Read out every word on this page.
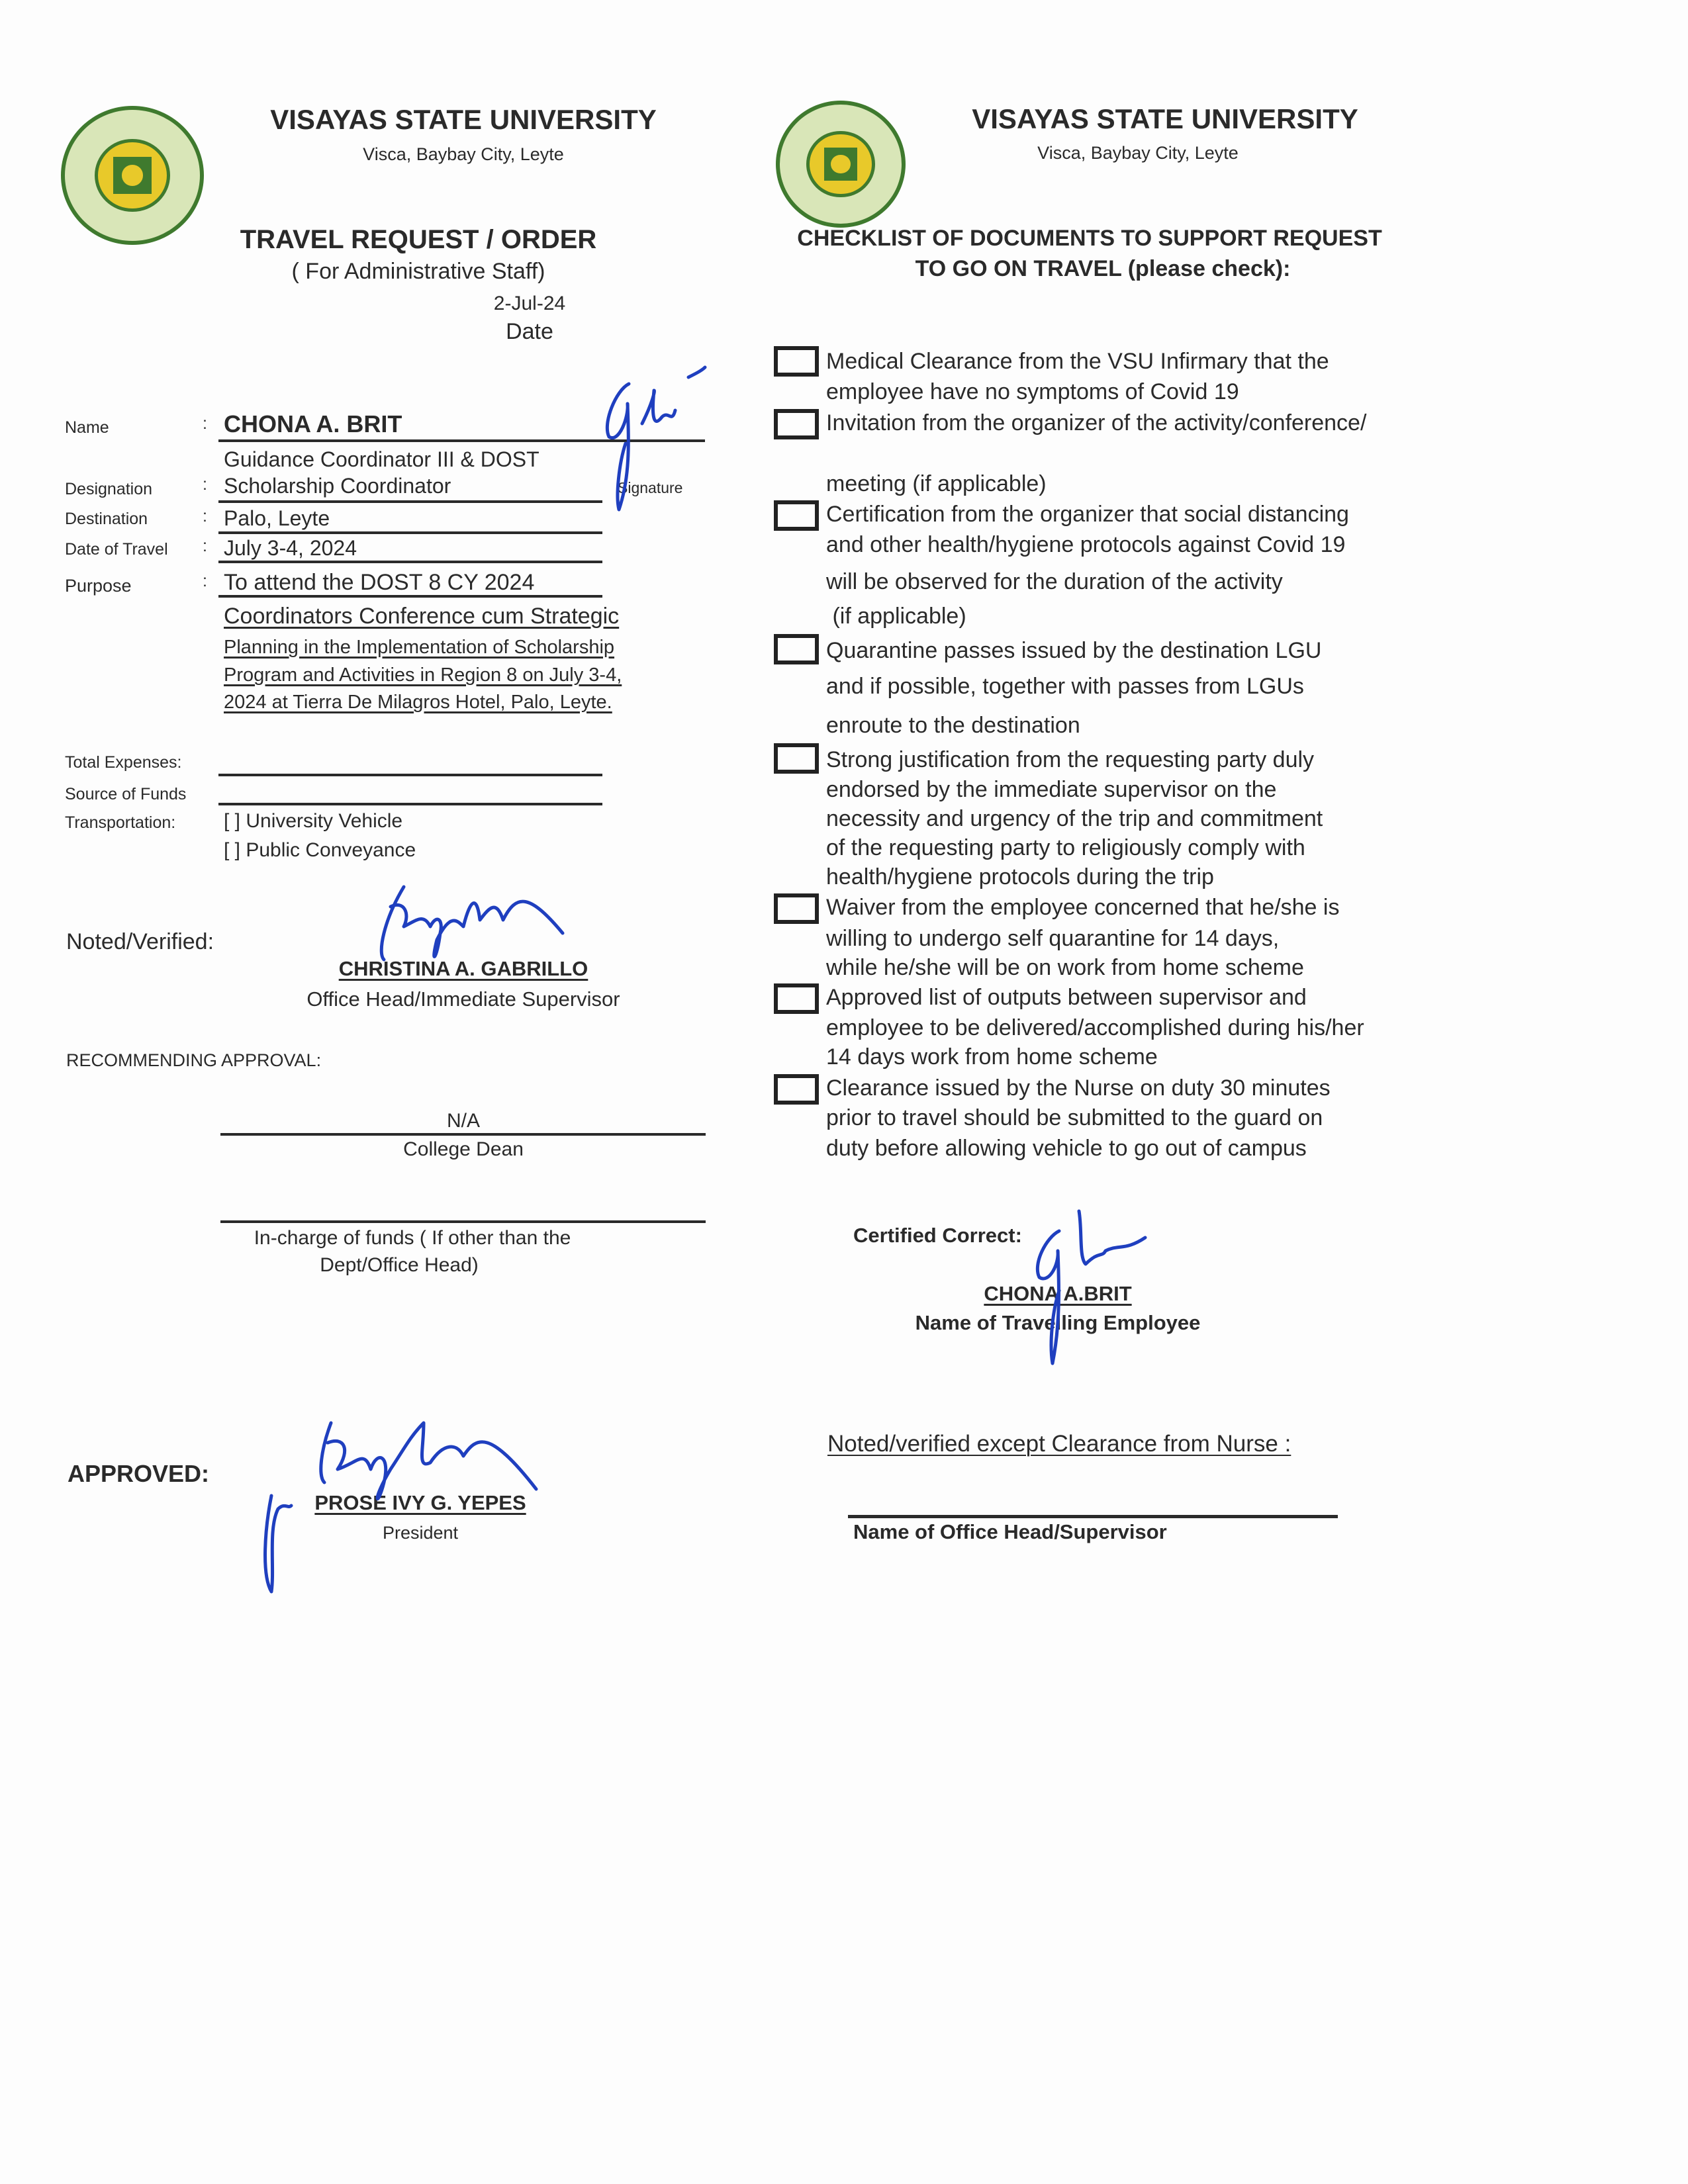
VISAYAS STATE UNIVERSITY
Visca, Baybay City, Leyte
TRAVEL REQUEST / ORDER
( For Administrative Staff)
2-Jul-24
Date
Name	: CHONA A. BRIT
Guidance Coordinator III & DOST
Designation	: Scholarship Coordinator	Signature
Destination	: Palo, Leyte
Date of Travel : July 3-4, 2024
Purpose	: To attend the DOST 8 CY 2024
Coordinators Conference cum Strategic
Planning in the Implementation of Scholarship
Program and Activities in Region 8 on July 3-4,
2024 at Tierra De Milagros Hotel, Palo, Leyte.
Total Expenses:
Source of Funds
Transportation: [ ] University Vehicle
[ ] Public Conveyance
Noted/Verified:
CHRISTINA A. GABRILLO
Office Head/Immediate Supervisor
RECOMMENDING APPROVAL:
N/A
College Dean
In-charge of funds ( If other than the
Dept/Office Head)
APPROVED:
PROSE IVY G. YEPES
President
VISAYAS STATE UNIVERSITY
Visca, Baybay City, Leyte
CHECKLIST OF DOCUMENTS TO SUPPORT REQUEST
TO GO ON TRAVEL (please check):
Medical Clearance from the VSU Infirmary that the
employee have no symptoms of Covid 19
Invitation from the organizer of the activity/conference/
meeting (if applicable)
Certification from the organizer that social distancing
and other health/hygiene protocols against Covid 19
will be observed for the duration of the activity
(if applicable)
Quarantine passes issued by the destination LGU
and if possible, together with passes from LGUs
enroute to the destination
Strong justification from the requesting party duly
endorsed by the immediate supervisor on the
necessity and urgency of the trip and commitment
of the requesting party to religiously comply with
health/hygiene protocols during the trip
Waiver from the employee concerned that he/she is
willing to undergo self quarantine for 14 days,
while he/she will be on work from home scheme
Approved list of outputs between supervisor and
employee to be delivered/accomplished during his/her
14 days work from home scheme
Clearance issued by the Nurse on duty 30 minutes
prior to travel should be submitted to the guard on
duty before allowing vehicle to go out of campus
Certified Correct:
CHONA A.BRIT
Name of Travelling Employee
Noted/verified except Clearance from Nurse :
Name of Office Head/Supervisor
